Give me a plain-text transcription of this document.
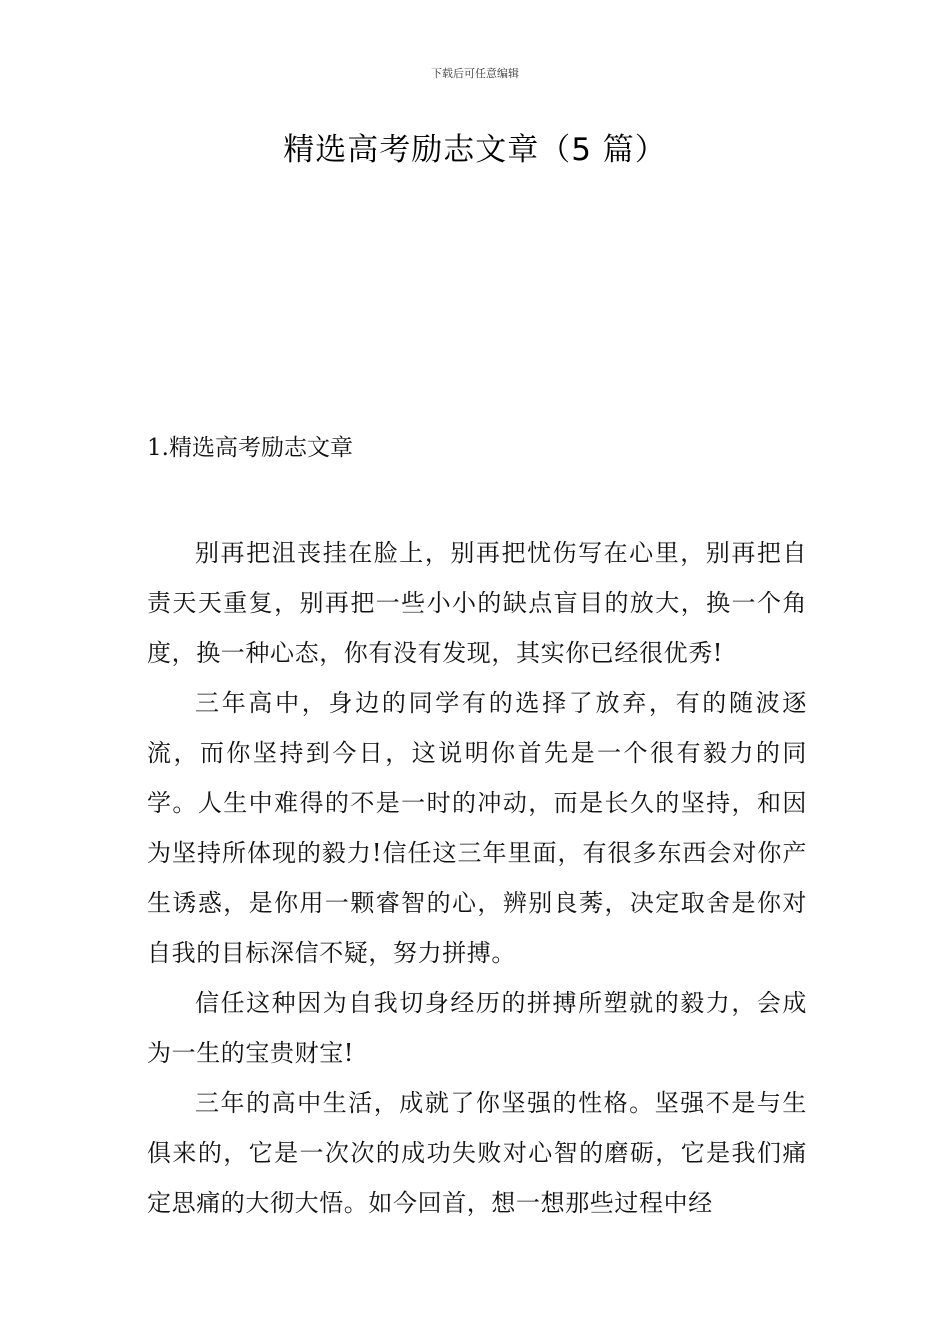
下载后可任意编辑
精选高考励志文章（5 篇）
1.精选高考励志文章

别再把沮丧挂在脸上，别再把忧伤写在心里，别再把自责天天重复，别再把一些小小的缺点盲目的放大，换一个角度，换一种心态，你有没有发现，其实你已经很优秀!

三年高中，身边的同学有的选择了放弃，有的随波逐流，而你坚持到今日，这说明你首先是一个很有毅力的同学。人生中难得的不是一时的冲动，而是长久的坚持，和因为坚持所体现的毅力!信任这三年里面，有很多东西会对你产生诱惑，是你用一颗睿智的心，辨别良莠，决定取舍是你对自我的目标深信不疑，努力拼搏。

信任这种因为自我切身经历的拼搏所塑就的毅力，会成为一生的宝贵财宝!

三年的高中生活，成就了你坚强的性格。坚强不是与生俱来的，它是一次次的成功失败对心智的磨砺，它是我们痛定思痛的大彻大悟。如今回首，想一想那些过程中经
